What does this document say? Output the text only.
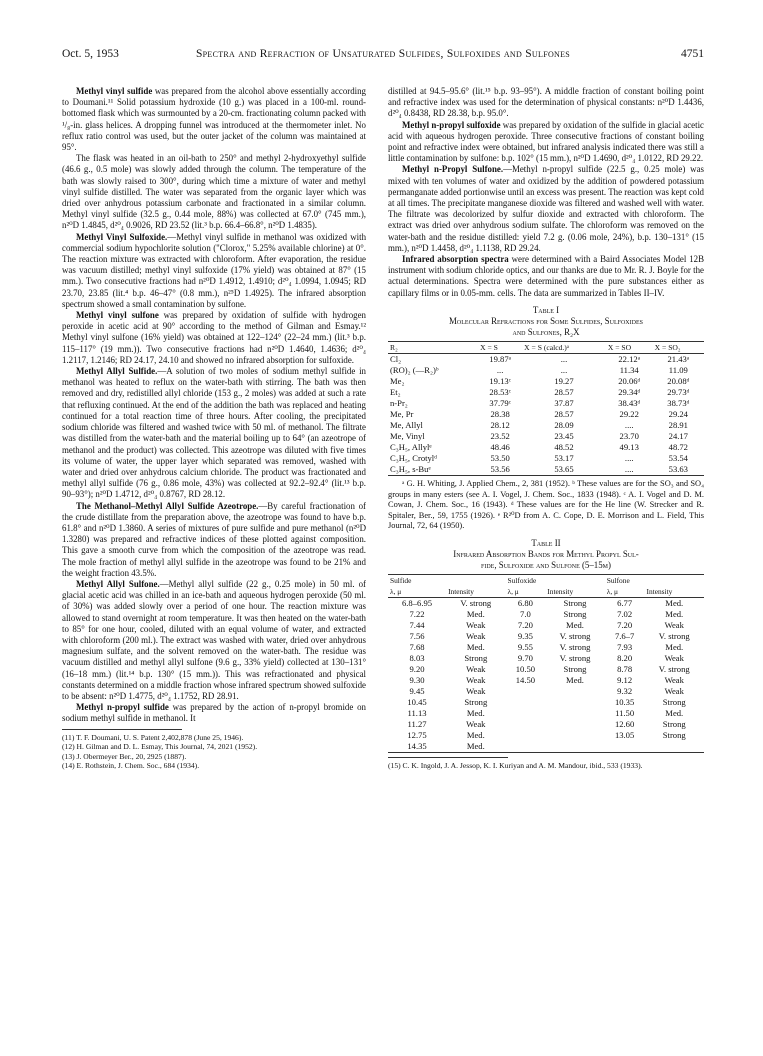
Oct. 5, 1953	Spectra and Refraction of Unsaturated Sulfides, Sulfoxides and Sulfones	4751

Methyl vinyl sulfide was prepared from the alcohol above essentially according to Doumani.¹¹ Solid potassium hydroxide (10 g.) was placed in a 100-ml. round-bottomed flask which was surmounted by a 20-cm. fractionating column packed with ¹/₈-in. glass helices. A dropping funnel was introduced at the thermometer inlet. No reflux ratio control was used, but the outer jacket of the column was maintained at 95°.

The flask was heated in an oil-bath to 250° and methyl 2-hydroxyethyl sulfide (46.6 g., 0.5 mole) was slowly added through the column. The temperature of the bath was slowly raised to 300°, during which time a mixture of water and methyl vinyl sulfide distilled. The water was separated from the organic layer which was dried over anhydrous potassium carbonate and fractionated in a similar column. Methyl vinyl sulfide (32.5 g., 0.44 mole, 88%) was collected at 67.0° (745 mm.), n²⁰D 1.4845, d²⁰₄ 0.9026, RD 23.52 (lit.³ b.p. 66.4–66.8°, n²⁰D 1.4835).

Methyl Vinyl Sulfoxide.—Methyl vinyl sulfide in methanol was oxidized with commercial sodium hypochlorite solution ("Clorox," 5.25% available chlorine) at 0°. The reaction mixture was extracted with chloroform. After evaporation, the residue was vacuum distilled; methyl vinyl sulfoxide (17% yield) was obtained at 87° (15 mm.). Two consecutive fractions had n²⁰D 1.4912, 1.4910; d²⁰₄ 1.0994, 1.0945; RD 23.70, 23.85 (lit.⁴ b.p. 46–47° (0.8 mm.), n²⁵D 1.4925). The infrared absorption spectrum showed a small contamination by sulfone.

Methyl vinyl sulfone was prepared by oxidation of sulfide with hydrogen peroxide in acetic acid at 90° according to the method of Gilman and Esmay.¹² Methyl vinyl sulfone (16% yield) was obtained at 122–124° (22–24 mm.) (lit.³ b.p. 115–117° (19 mm.)). Two consecutive fractions had n²⁰D 1.4640, 1.4636; d²⁰₄ 1.2117, 1.2146; RD 24.17, 24.10 and showed no infrared absorption for sulfoxide.

Methyl Allyl Sulfide.—A solution of two moles of sodium methyl sulfide in methanol was heated to reflux on the water-bath with stirring. The bath was then removed and dry, redistilled allyl chloride (153 g., 2 moles) was added at such a rate that refluxing continued. At the end of the addition the bath was replaced and heating continued for a total reaction time of three hours. After cooling, the precipitated sodium chloride was filtered and washed twice with 50 ml. of methanol. The filtrate was distilled from the water-bath and the material boiling up to 64° (an azeotrope of methanol and the product) was collected. This azeotrope was diluted with five times its volume of water, the upper layer which separated was removed, washed with water and dried over anhydrous calcium chloride. The product was fractionated and methyl allyl sulfide (76 g., 0.86 mole, 43%) was collected at 92.2–92.4° (lit.¹³ b.p. 90–93°); n²⁰D 1.4712, d²⁰₄ 0.8767, RD 28.12.

The Methanol–Methyl Allyl Sulfide Azeotrope.—By careful fractionation of the crude distillate from the preparation above, the azeotrope was found to have b.p. 61.8° and n²⁰D 1.3860. A series of mixtures of pure sulfide and pure methanol (n²⁰D 1.3280) was prepared and refractive indices of these plotted against composition. This gave a smooth curve from which the composition of the azeotrope was read. The mole fraction of methyl allyl sulfide in the azeotrope was found to be 21% and the weight fraction 43.5%.

Methyl Allyl Sulfone.—Methyl allyl sulfide (22 g., 0.25 mole) in 50 ml. of glacial acetic acid was chilled in an ice-bath and aqueous hydrogen peroxide (50 ml. of 30%) was added slowly over a period of one hour. The reaction mixture was allowed to stand overnight at room temperature. It was then heated on the water-bath to 85° for one hour, cooled, diluted with an equal volume of water, and extracted with chloroform (200 ml.). The extract was washed with water, dried over anhydrous magnesium sulfate, and the solvent removed on the water-bath. The residue was vacuum distilled and methyl allyl sulfone (9.6 g., 33% yield) collected at 130–131° (16–18 mm.) (lit.¹⁴ b.p. 130° (15 mm.)). This was refractionated and physical constants determined on a middle fraction whose infrared spectrum showed sulfoxide to be absent: n²⁰D 1.4775, d²⁰₄ 1.1752, RD 28.91.

Methyl n-propyl sulfide was prepared by the action of n-propyl bromide on sodium methyl sulfide in methanol. It

(11) T. F. Doumani, U. S. Patent 2,402,878 (June 25, 1946).
(12) H. Gilman and D. L. Esmay, This Journal, 74, 2021 (1952).
(13) J. Obermeyer Ber., 20, 2925 (1887).
(14) E. Rothstein, J. Chem. Soc., 684 (1934).

distilled at 94.5–95.6° (lit.¹⁵ b.p. 93–95°). A middle fraction of constant boiling point and refractive index was used for the determination of physical constants: n²⁰D 1.4436, d²⁰₄ 0.8438, RD 28.38, b.p. 95.0°.

Methyl n-propyl sulfoxide was prepared by oxidation of the sulfide in glacial acetic acid with aqueous hydrogen peroxide. Three consecutive fractions of constant boiling point and refractive index were obtained, but infrared analysis indicated there was still a little contamination by sulfone: b.p. 102° (15 mm.), n²⁰D 1.4690, d²⁰₄ 1.0122, RD 29.22.

Methyl n-Propyl Sulfone.—Methyl n-propyl sulfide (22.5 g., 0.25 mole) was mixed with ten volumes of water and oxidized by the addition of powdered potassium permanganate added portionwise until an excess was present. The reaction was kept cold at all times. The precipitate manganese dioxide was filtered and washed well with water. The filtrate was decolorized by sulfur dioxide and extracted with chloroform. The extract was dried over anhydrous sodium sulfate. The chloroform was removed on the water-bath and the residue distilled: yield 7.2 g. (0.06 mole, 24%), b.p. 130–131° (15 mm.), n²⁰D 1.4458, d²⁰₄ 1.1138, RD 29.24.

Infrared absorption spectra were determined with a Baird Associates Model 12B instrument with sodium chloride optics, and our thanks are due to Mr. R. J. Boyle for the actual determinations. Spectra were determined with the pure substances either as capillary films or in 0.05-mm. cells. The data are summarized in Tables II–IV.

Table I

Molecular Refractions for Some Sulfides, Sulfoxides

and Sulfones, R₂X

R₂	X = S	X = S (calcd.)ᵃ	X = SO	X = SO₂
Cl₂	19.87ᵃ	...	22.12ᵃ	21.43ᵃ
(RO)₂ (—R₂)ᵇ	...	...	11.34	11.09
Me₂	19.13ᶜ	19.27	20.06ᵈ	20.08ᵈ
Et₂	28.53ᶜ	28.57	29.34ᵈ	29.73ᵈ
n-Pr₂	37.79ᶜ	37.87	38.43ᵈ	38.73ᵈ
Me, Pr	28.38	28.57	29.22	29.24
Me, Allyl	28.12	28.09	....	28.91
Me, Vinyl	23.52	23.45	23.70	24.17
C₃H₅, Allylᵉ	48.46	48.52	49.13	48.72
C₃H₅, Crotylᵈ	53.50	53.17	....	53.54
C₃H₅, s-Buᵉ	53.56	53.65	....	53.63

ᵃ G. H. Whiting, J. Applied Chem., 2, 381 (1952). ᵇ These values are for the SO₃ and SO₄ groups in many esters (see A. I. Vogel, J. Chem. Soc., 1833 (1948). ᶜ A. I. Vogel and D. M. Cowan, J. Chem. Soc., 16 (1943). ᵈ These values are for the He line (W. Strecker and R. Spitaler, Ber., 59, 1755 (1926). ᵉ R²⁰D from A. C. Cope, D. E. Morrison and L. Field, This Journal, 72, 64 (1950).

Table II

Infrared Absorption Bands for Methyl Propyl Sul-

fide, Sulfoxide and Sulfone (5–15μ)

Sulfide		Sulfoxide		Sulfone	
λ, μ	Intensity	λ, μ	Intensity	λ, μ	Intensity
6.8–6.95	V. strong	6.80	Strong	6.77	Med.
7.22	Med.	7.0	Strong	7.02	Med.
7.44	Weak	7.20	Med.	7.20	Weak
7.56	Weak	9.35	V. strong	7.6–7	V. strong
7.68	Med.	9.55	V. strong	7.93	Med.
8.03	Strong	9.70	V. strong	8.20	Weak
9.20	Weak	10.50	Strong	8.78	V. strong
9.30	Weak	14.50	Med.	9.12	Weak
9.45	Weak			9.32	Weak
10.45	Strong			10.35	Strong
11.13	Med.			11.50	Med.
11.27	Weak			12.60	Strong
12.75	Med.			13.05	Strong
14.35	Med.				
(15) C. K. Ingold, J. A. Jessop, K. I. Kuriyan and A. M. Mandour, ibid., 533 (1933).
